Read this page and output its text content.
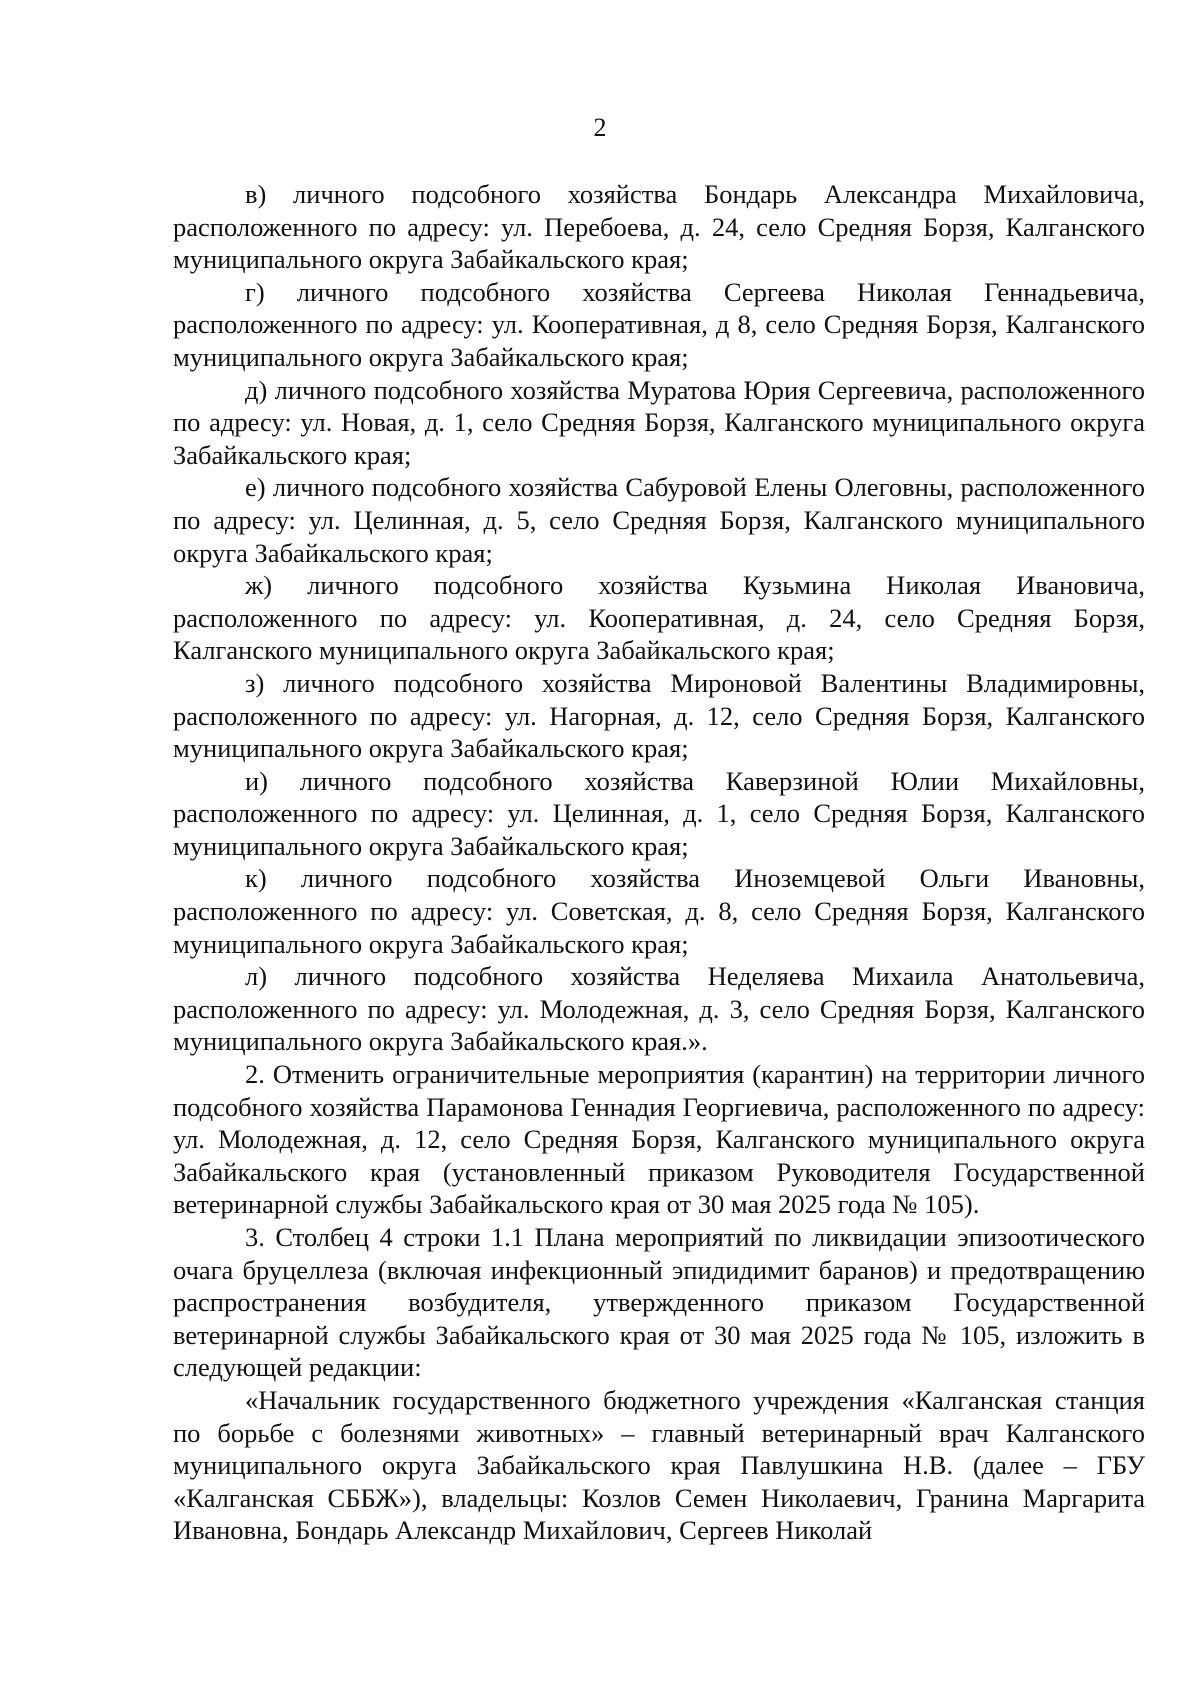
2

в) личного подсобного хозяйства Бондарь Александра Михайловича, расположенного по адресу: ул. Перебоева, д. 24, село Средняя Борзя, Калганского муниципального округа Забайкальского края;

г) личного подсобного хозяйства Сергеева Николая Геннадьевича, расположенного по адресу: ул. Кооперативная, д 8, село Средняя Борзя, Калганского муниципального округа Забайкальского края;

д) личного подсобного хозяйства Муратова Юрия Сергеевича, расположенного по адресу: ул. Новая, д. 1, село Средняя Борзя, Калганского муниципального округа Забайкальского края;

е) личного подсобного хозяйства Сабуровой Елены Олеговны, расположенного по адресу: ул. Целинная, д. 5, село Средняя Борзя, Калганского муниципального округа Забайкальского края;

ж) личного подсобного хозяйства Кузьмина Николая Ивановича, расположенного по адресу: ул. Кооперативная, д. 24, село Средняя Борзя, Калганского муниципального округа Забайкальского края;

з) личного подсобного хозяйства Мироновой Валентины Владимировны, расположенного по адресу: ул. Нагорная, д. 12, село Средняя Борзя, Калганского муниципального округа Забайкальского края;

и) личного подсобного хозяйства Каверзиной Юлии Михайловны, расположенного по адресу: ул. Целинная, д. 1, село Средняя Борзя, Калганского муниципального округа Забайкальского края;

к) личного подсобного хозяйства Иноземцевой Ольги Ивановны, расположенного по адресу: ул. Советская, д. 8, село Средняя Борзя, Калганского муниципального округа Забайкальского края;

л) личного подсобного хозяйства Неделяева Михаила Анатольевича, расположенного по адресу: ул. Молодежная, д. 3, село Средняя Борзя, Калганского муниципального округа Забайкальского края.».

2. Отменить ограничительные мероприятия (карантин) на территории личного подсобного хозяйства Парамонова Геннадия Георгиевича, расположенного по адресу: ул. Молодежная, д. 12, село Средняя Борзя, Калганского муниципального округа Забайкальского края (установленный приказом Руководителя Государственной ветеринарной службы Забайкальского края от 30 мая 2025 года № 105).

3. Столбец 4 строки 1.1 Плана мероприятий по ликвидации эпизоотического очага бруцеллеза (включая инфекционный эпидидимит баранов) и предотвращению распространения возбудителя, утвержденного приказом Государственной ветеринарной службы Забайкальского края от 30 мая 2025 года № 105, изложить в следующей редакции:

«Начальник государственного бюджетного учреждения «Калганская станция по борьбе с болезнями животных» – главный ветеринарный врач Калганского муниципального округа Забайкальского края Павлушкина Н.В. (далее – ГБУ «Калганская СББЖ»), владельцы: Козлов Семен Николаевич, Гранина Маргарита Ивановна, Бондарь Александр Михайлович, Сергеев Николай
